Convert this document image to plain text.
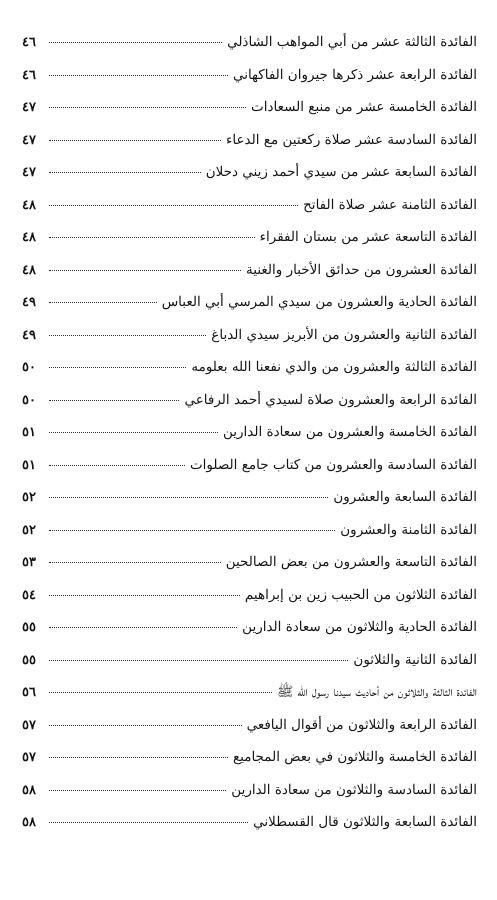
الفائدة الثالثة عشر من أبي المواهب الشاذلي
٤٦
الفائدة الرابعة عشر ذكرها جيروان الفاكهاني
٤٦
الفائدة الخامسة عشر من منبع السعادات
٤٧
الفائدة السادسة عشر صلاة ركعتين مع الدعاء
٤٧
الفائدة السابعة عشر من سيدي أحمد زيني دحلان
٤٧
الفائدة الثامنة عشر صلاة الفاتح
٤٨
الفائدة التاسعة عشر من بستان الفقراء
٤٨
الفائدة العشرون من حدائق الأخبار والغنية
٤٨
الفائدة الحادية والعشرون من سيدي المرسي أبي العباس
٤٩
الفائدة الثانية والعشرون من الأبريز سيدي الدباغ
٤٩
الفائدة الثالثة والعشرون من والدي نفعنا الله بعلومه
٥٠
الفائدة الرابعة والعشرون صلاة لسيدي أحمد الرفاعي
٥٠
الفائدة الخامسة والعشرون من سعادة الدارين
٥١
الفائدة السادسة والعشرون من كتاب جامع الصلوات
٥١
الفائدة السابعة والعشرون
٥٢
الفائدة الثامنة والعشرون
٥٢
الفائدة التاسعة والعشرون من بعض الصالحين
٥٣
الفائدة الثلاثون من الحبيب زين بن إبراهيم
٥٤
الفائدة الحادية والثلاثون من سعادة الدارين
٥٥
الفائدة الثانية والثلاثون
٥٥
الفائدة الثالثة والثلاثون من أحاديث سيدنا رسول الله ﷺ
٥٦
الفائدة الرابعة والثلاثون من أقوال اليافعي
٥٧
الفائدة الخامسة والثلاثون في بعض المجاميع
٥٧
الفائدة السادسة والثلاثون من سعادة الدارين
٥٨
الفائدة السابعة والثلاثون قال القسطلاني
٥٨
